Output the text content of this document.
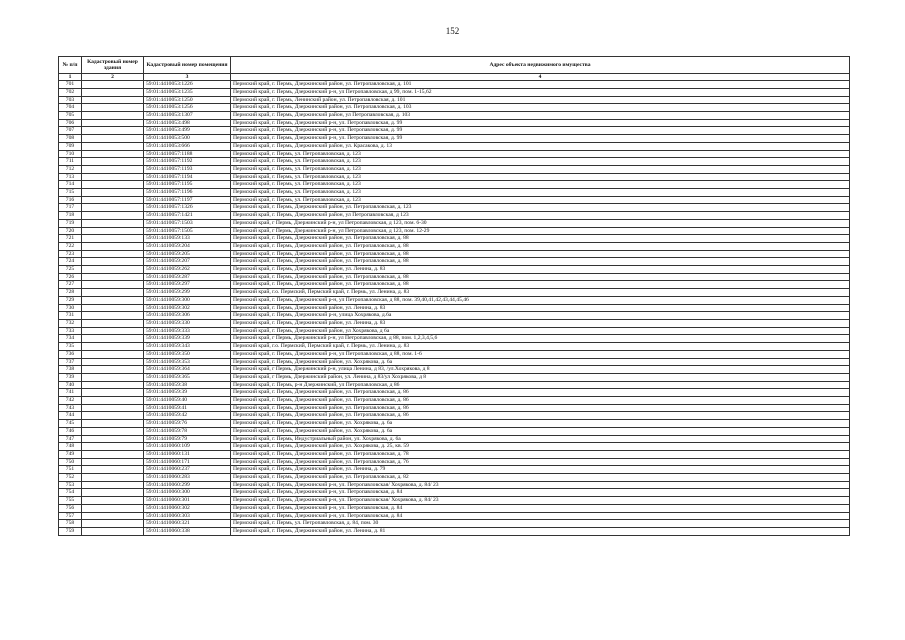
152
№ п/п	Кадастровый номер здания	Кадастровый номер помещения	Адрес объекта недвижимого имущества
1	2	3	4
701		59:01:4410053:1226	Пермский край, г. Пермь, Дзержинский район, ул. Петропавловская, д. 101
702		59:01:4410053:1235	Пермский край, г. Пермь, Дзержинский р-н, ул Петропавловская, д 99, пом. 1-15,62
703		59:01:4410053:1250	Пермский край, г. Пермь, Ленинский район, ул. Петропавловская, д. 101
704		59:01:4410053:1256	Пермский край, г. Пермь, Дзержинский район, ул. Петропавловская, д. 103
705		59:01:4410053:1307	Пермский край, г. Пермь, Дзержинский район, ул Петропавловская, д. 103
706		59:01:4410053:498	Пермский край, г. Пермь, Дзержинский р-н, ул. Петропавловская, д. 99
707		59:01:4410053:499	Пермский край, г. Пермь, Дзержинский р-н, ул. Петропавловская, д. 99
708		59:01:4410053:500	Пермский край, г. Пермь, Дзержинский р-н, ул. Петропавловская, д. 99
709		59:01:4410053:666	Пермский край, г. Пермь, Дзержинский район, ул. Красакова, д. 13
710		59:01:4410057:1188	Пермский край, г. Пермь, ул. Петропавловская, д. 123
711		59:01:4410057:1192	Пермский край, г. Пермь, ул. Петропавловская, д. 123
712		59:01:4410057:1193	Пермский край, г. Пермь, ул. Петропавловская, д. 123
713		59:01:4410057:1194	Пермский край, г. Пермь, ул. Петропавловская, д. 123
714		59:01:4410057:1195	Пермский край, г. Пермь, ул. Петропавловская, д. 123
715		59:01:4410057:1196	Пермский край, г. Пермь, ул. Петропавловская, д. 123
716		59:01:4410057:1197	Пермский край, г. Пермь, ул. Петропавловская, д. 123
717		59:01:4410057:1326	Пермский край, г. Пермь, Дзержинский район, ул. Петропавловская, д. 123
718		59:01:4410057:1421	Пермский край, г. Пермь, Дзержинский район, ул Петропавловская, д 123
719		59:01:4410057:1503	Пермский край, г Пермь, Дзержинский р-н, ул Петропавловская, д 123, пом. 6-30
720		59:01:4410057:1505	Пермский край, г Пермь, Дзержинский р-н, ул Петропавловская, д 123, пом. 12-29
721		59:01:4410059:133	Пермский край, г. Пермь, Дзержинский район, ул. Петропавловская, д. 88
722		59:01:4410059:204	Пермский край, г. Пермь, Дзержинский район, ул. Петропавловская, д. 88
723		59:01:4410059:205	Пермский край, г. Пермь, Дзержинский район, ул. Петропавловская, д. 88
724		59:01:4410059:207	Пермский край, г. Пермь, Дзержинский район, ул. Петропавловская, д. 88
725		59:01:4410059:262	Пермский край, г. Пермь, Дзержинский район, ул. Ленина, д. 83
726		59:01:4410059:287	Пермский край, г. Пермь, Дзержинский район, ул. Петропавловская, д. 88
727		59:01:4410059:297	Пермский край, г. Пермь, Дзержинский район, ул. Петропавловская, д. 88
728		59:01:4410059:299	Пермский край, г.о. Пермский, Пермский край, г. Пермь, ул. Ленина, д. 83
729		59:01:4410059:300	Пермский край, г. Пермь, Дзержинский р-н, ул Петропавловская, д 88, пом. 39,40,41,42,43,44,45,46
730		59:01:4410059:302	Пермский край, г. Пермь, Дзержинский район, ул. Ленина, д. 83
731		59:01:4410059:306	Пермский край, г. Пермь, Дзержинский р-н, улица Хохрякова, д.6а
732		59:01:4410059:330	Пермский край, г. Пермь, Дзержинский район, ул. Ленина, д. 83
733		59:01:4410059:333	Пермский край, г. Пермь, Дзержинский район, ул Хохрякова, д 6а
734		59:01:4410059:339	Пермский край, г Пермь, Дзержинский р-н, ул Петропавловская, д 88, пом. 1,2,3,4,5,6
735		59:01:4410059:343	Пермский край, г.о. Пермский, Пермский край, г. Пермь, ул. Ленина, д. 83
736		59:01:4410059:350	Пермский край, г. Пермь, Дзержинский р-н, ул Петропавловская, д 88, пом. 1-6
737		59:01:4410059:353	Пермский край, г. Пермь, Дзержинский район, ул. Хохрякова, д. 6а
738		59:01:4410059:364	Пермский край, г Пермь, Дзержинский р-н, улица Ленина, д 83, /ул.Хохрякова, д 8
739		59:01:4410059:365	Пермский край, г Пермь, Дзержинский район, ул. Ленина, д 83/ул Хохрякова, д 8
740		59:01:4410059:38	Пермский край, г. Пермь, р-н Дзержинский, ул Петропавловская, д 86
741		59:01:4410059:39	Пермский край, г. Пермь, Дзержинский район, ул. Петропавловская, д. 86
742		59:01:4410059:40	Пермский край, г. Пермь, Дзержинский район, ул. Петропавловская, д. 86
743		59:01:4410059:41	Пермский край, г. Пермь, Дзержинский район, ул. Петропавловская, д. 86
744		59:01:4410059:42	Пермский край, г. Пермь, Дзержинский район, ул. Петропавловская, д. 86
745		59:01:4410059:76	Пермский край, г. Пермь, Дзержинский район, ул. Хохрякова, д. 6а
746		59:01:4410059:78	Пермский край, г. Пермь, Дзержинский район, ул. Хохрякова, д. 6а
747		59:01:4410059:79	Пермский край, г. Пермь, Индустриальный район, ул. Хохрякова, д. 6а
748		59:01:4410060:109	Пермский край, г. Пермь, Дзержинский район, ул. Хохрякова, д. 25, кв. 59
749		59:01:4410060:131	Пермский край, г. Пермь, Дзержинский район, ул. Петропавловская, д. 78
750		59:01:4410060:171	Пермский край, г. Пермь, Дзержинский район, ул. Петропавловская, д. 76
751		59:01:4410060:237	Пермский край, г. Пермь, Дзержинский район, ул. Ленина, д. 79
752		59:01:4410060:283	Пермский край, г. Пермь, Дзержинский район, ул. Петропавловская, д. 82
753		59:01:4410060:299	Пермский край, г. Пермь, Дзержинский р-н, ул. Петропавловская/ Хохрякова, д. 84/ 23
754		59:01:4410060:300	Пермский край, г. Пермь, Дзержинский р-н, ул. Петропавловская, д. 84
755		59:01:4410060:301	Пермский край, г. Пермь, Дзержинский р-н, ул. Петропавловская/ Хохрякова, д. 84/ 23
756		59:01:4410060:302	Пермский край, г. Пермь, Дзержинский р-н, ул. Петропавловская, д. 84
757		59:01:4410060:303	Пермский край, г. Пермь, Дзержинский р-н, ул. Петропавловская, д. 84
758		59:01:4410060:321	Пермский край, г. Пермь, ул. Петропавловская, д. 84, пом. 30
759		59:01:4410060:338	Пермский край, г. Пермь, Дзержинский район, ул. Ленина, д. 81
